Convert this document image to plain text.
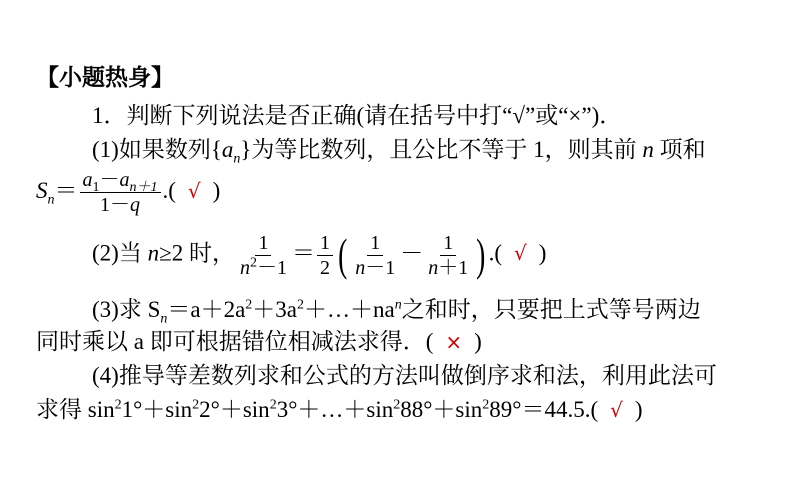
【小题热身】
1．判断下列说法是否正确(请在括号中打“√”或“×”)．
(1)如果数列$\{a_n\}$为等比数列，且公比不等于 1，则其前 n 项和
$S_n= \frac{a_1-a_{n+1}}{1-q}$ .( √ )
(2)当 n≥2 时， $\frac{1}{n^2-1} = \frac{1}{2}$ ( $\frac{1}{n-1} - \frac{1}{n+1}$ ) .( √ )
(3)求 $S_n=a+2a^2+3a^2+\dots+na^n$之和时，只要把上式等号两边
同时乘以 a 即可根据错位相减法求得．( × )
(4)推导等差数列求和公式的方法叫做倒序求和法，利用此法可
求得 $\sin^21^\circ+\sin^22^\circ+\sin^23^\circ+\dots+\sin^288^\circ+\sin^289^\circ=44.5$.( √ )
